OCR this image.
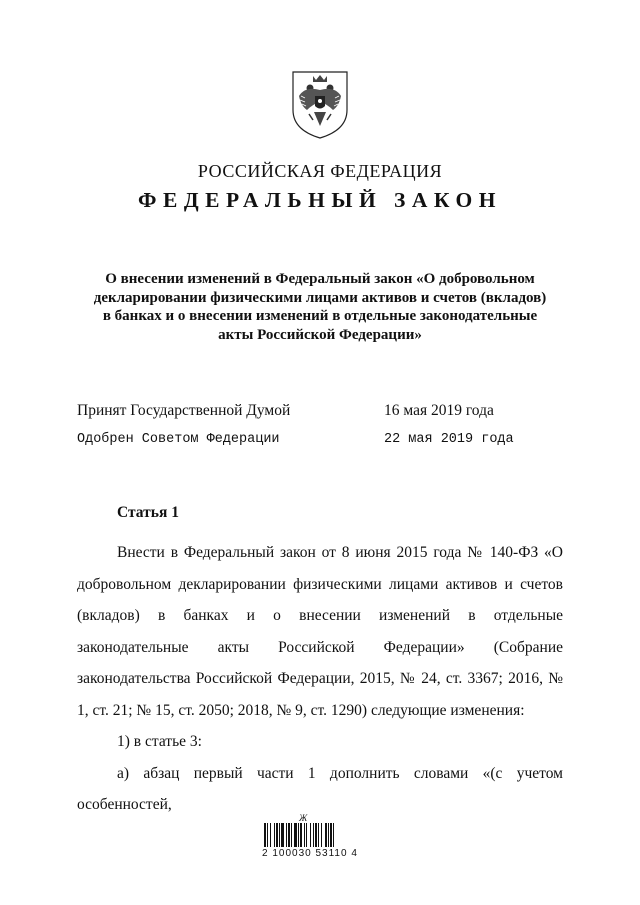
РОССИЙСКАЯ ФЕДЕРАЦИЯ
ФЕДЕРАЛЬНЫЙ ЗАКОН
О внесении изменений в Федеральный закон «О добровольном декларировании физическими лицами активов и счетов (вкладов) в банках и о внесении изменений в отдельные законодательные акты Российской Федерации»
Принят Государственной Думой	16 мая 2019 года
Одобрен Советом Федерации	22 мая 2019 года
Статья 1

Внести в Федеральный закон от 8 июня 2015 года № 140-ФЗ «О добровольном декларировании физическими лицами активов и счетов (вкладов) в банках и о внесении изменений в отдельные законодательные акты Российской Федерации» (Собрание законодательства Российской Федерации, 2015, № 24, ст. 3367; 2016, № 1, ст. 21; № 15, ст. 2050; 2018, № 9, ст. 1290) следующие изменения:

1) в статье 3:

а) абзац первый части 1 дополнить словами «(с учетом особенностей,

Ж
2 100030 53110 4
